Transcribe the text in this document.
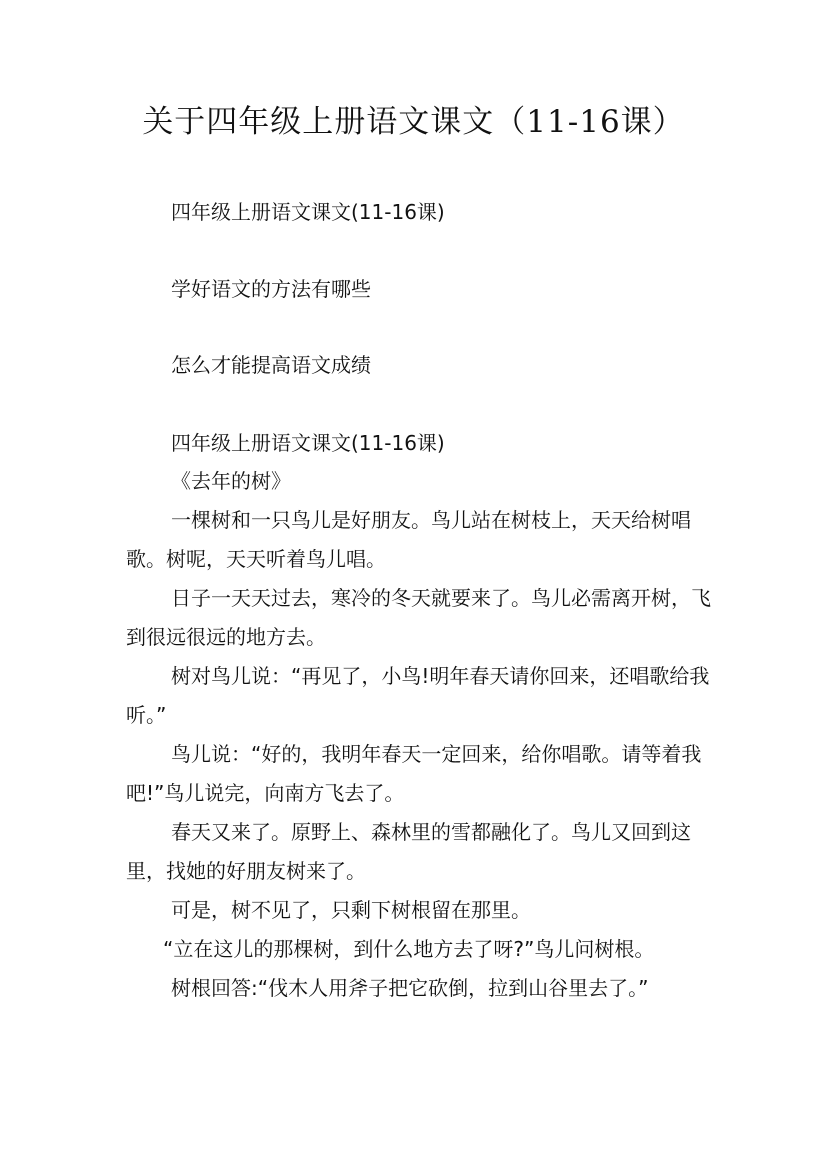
关于四年级上册语文课文（11-16课）

四年级上册语文课文(11-16课)

学好语文的方法有哪些

怎么才能提高语文成绩

四年级上册语文课文(11-16课)

《去年的树》

一棵树和一只鸟儿是好朋友。鸟儿站在树枝上，天天给树唱歌。树呢，天天听着鸟儿唱。

日子一天天过去，寒冷的冬天就要来了。鸟儿必需离开树，飞到很远很远的地方去。

树对鸟儿说：“再见了，小鸟!明年春天请你回来，还唱歌给我听。”

鸟儿说：“好的，我明年春天一定回来，给你唱歌。请等着我吧!”鸟儿说完，向南方飞去了。

春天又来了。原野上、森林里的雪都融化了。鸟儿又回到这里，找她的好朋友树来了。

可是，树不见了，只剩下树根留在那里。

“立在这儿的那棵树，到什么地方去了呀?”鸟儿问树根。

树根回答:“伐木人用斧子把它砍倒，拉到山谷里去了。”
